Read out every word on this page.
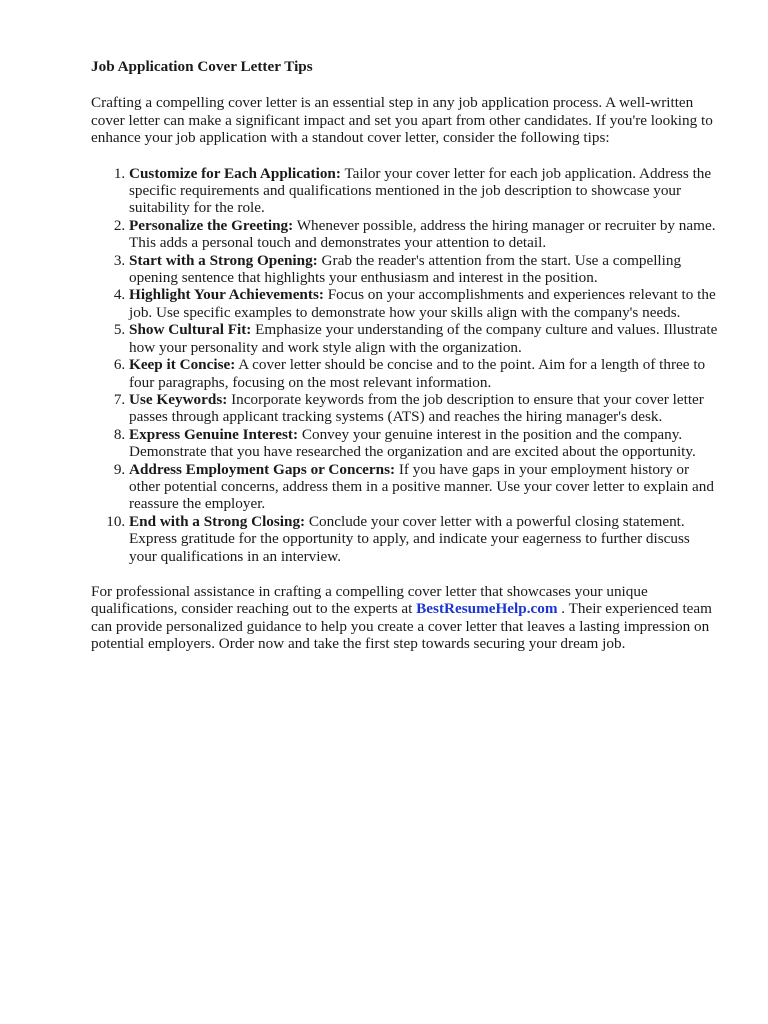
Job Application Cover Letter Tips

Crafting a compelling cover letter is an essential step in any job application process. A well-written cover letter can make a significant impact and set you apart from other candidates. If you're looking to enhance your job application with a standout cover letter, consider the following tips:

1. Customize for Each Application: Tailor your cover letter for each job application. Address the specific requirements and qualifications mentioned in the job description to showcase your suitability for the role.
2. Personalize the Greeting: Whenever possible, address the hiring manager or recruiter by name. This adds a personal touch and demonstrates your attention to detail.
3. Start with a Strong Opening: Grab the reader's attention from the start. Use a compelling opening sentence that highlights your enthusiasm and interest in the position.
4. Highlight Your Achievements: Focus on your accomplishments and experiences relevant to the job. Use specific examples to demonstrate how your skills align with the company's needs.
5. Show Cultural Fit: Emphasize your understanding of the company culture and values. Illustrate how your personality and work style align with the organization.
6. Keep it Concise: A cover letter should be concise and to the point. Aim for a length of three to four paragraphs, focusing on the most relevant information.
7. Use Keywords: Incorporate keywords from the job description to ensure that your cover letter passes through applicant tracking systems (ATS) and reaches the hiring manager's desk.
8. Express Genuine Interest: Convey your genuine interest in the position and the company. Demonstrate that you have researched the organization and are excited about the opportunity.
9. Address Employment Gaps or Concerns: If you have gaps in your employment history or other potential concerns, address them in a positive manner. Use your cover letter to explain and reassure the employer.
10. End with a Strong Closing: Conclude your cover letter with a powerful closing statement. Express gratitude for the opportunity to apply, and indicate your eagerness to further discuss your qualifications in an interview.

For professional assistance in crafting a compelling cover letter that showcases your unique qualifications, consider reaching out to the experts at BestResumeHelp.com . Their experienced team can provide personalized guidance to help you create a cover letter that leaves a lasting impression on potential employers. Order now and take the first step towards securing your dream job.
